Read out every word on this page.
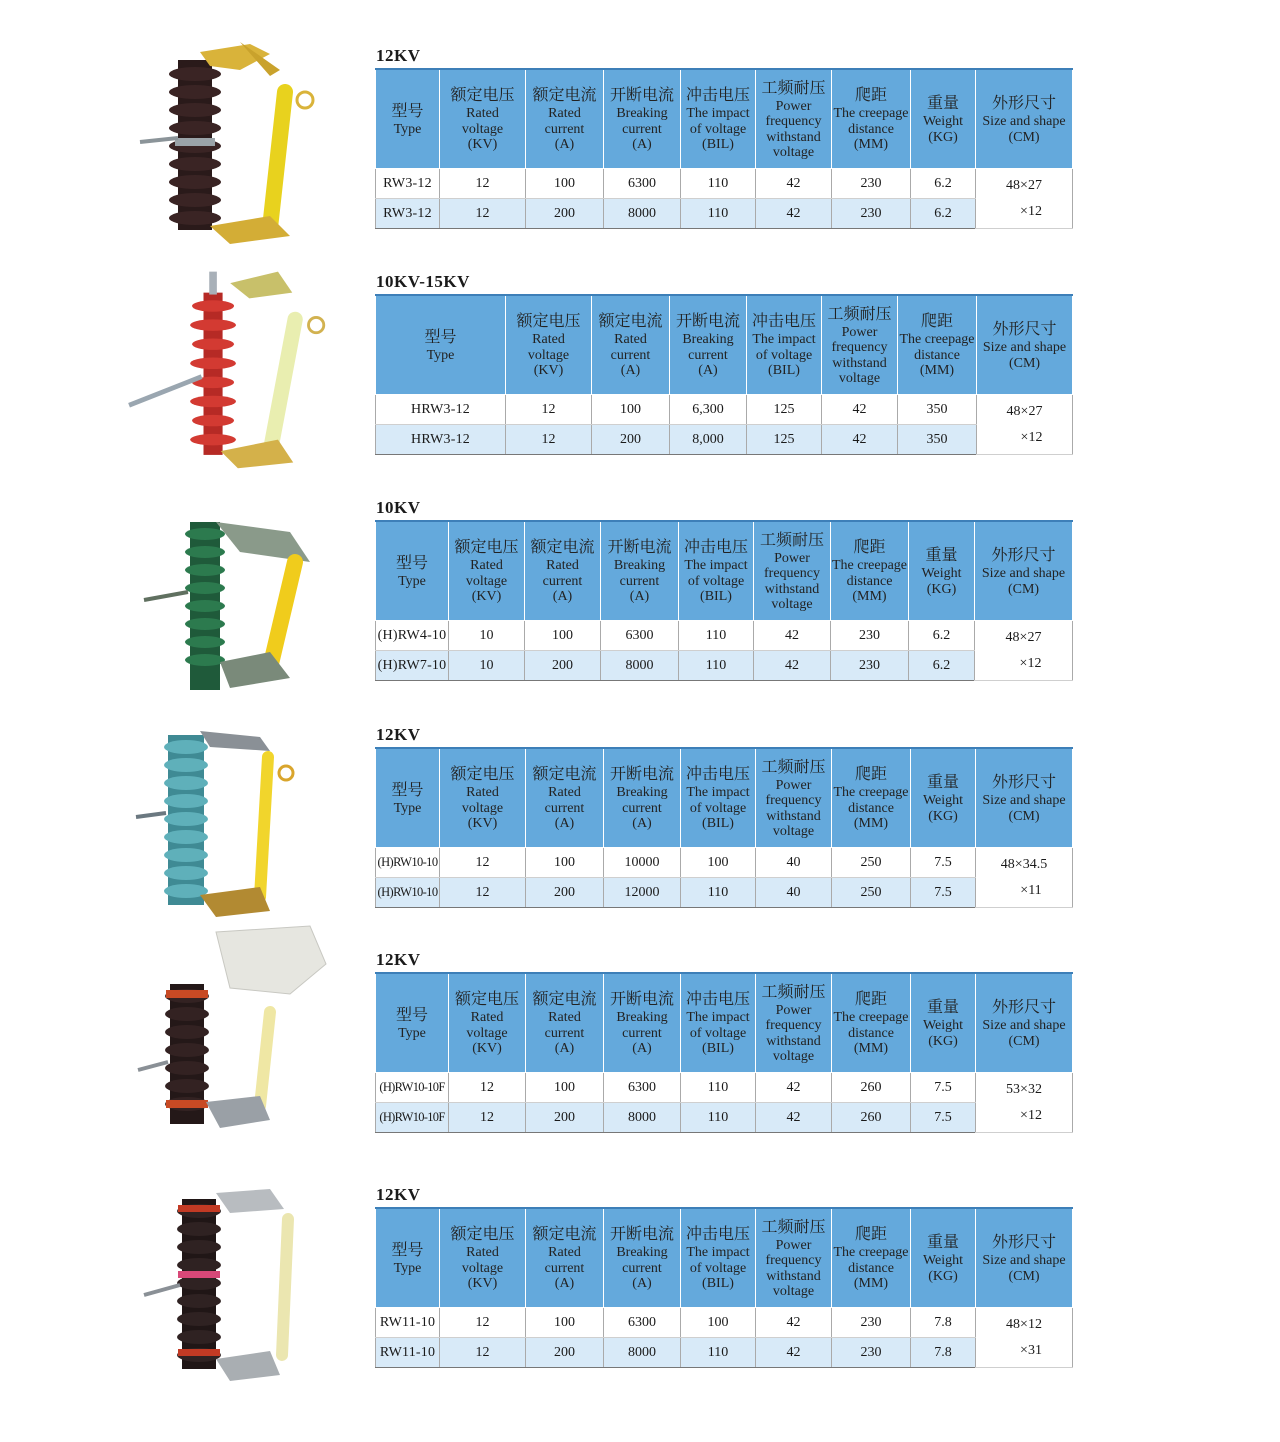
12KV
型号
Type	额定电压
Rated
voltage
(KV)	额定电流
Rated
current
(A)	开断电流
Breaking
current
(A)	冲击电压
The impact
of voltage
(BIL)	工频耐压
Power
frequency
withstand
voltage	爬距
The creepage
distance
(MM)	重量
Weight
(KG)	外形尺寸
Size and shape
(CM)

RW3-12	12	100	6300	110	42	230	6.2	48×27
×12

RW3-12	12	200	8000	110	42	230	6.2	
10KV-15KV
型号
Type	额定电压
Rated
voltage
(KV)	额定电流
Rated
current
(A)	开断电流
Breaking
current
(A)	冲击电压
The impact
of voltage
(BIL)	工频耐压
Power
frequency
withstand
voltage	爬距
The creepage
distance
(MM)	外形尺寸
Size and shape
(CM)

HRW3-12	12	100	6,300	125	42	350	48×27
×12

HRW3-12	12	200	8,000	125	42	350	
10KV
型号
Type	额定电压
Rated
voltage
(KV)	额定电流
Rated
current
(A)	开断电流
Breaking
current
(A)	冲击电压
The impact
of voltage
(BIL)	工频耐压
Power
frequency
withstand
voltage	爬距
The creepage
distance
(MM)	重量
Weight
(KG)	外形尺寸
Size and shape
(CM)

(H)RW4-10	10	100	6300	110	42	230	6.2	48×27
×12

(H)RW7-10	10	200	8000	110	42	230	6.2	
12KV
型号
Type	额定电压
Rated
voltage
(KV)	额定电流
Rated
current
(A)	开断电流
Breaking
current
(A)	冲击电压
The impact
of voltage
(BIL)	工频耐压
Power
frequency
withstand
voltage	爬距
The creepage
distance
(MM)	重量
Weight
(KG)	外形尺寸
Size and shape
(CM)

(H)RW10-10	12	100	10000	100	40	250	7.5	48×34.5
×11

(H)RW10-10	12	200	12000	110	40	250	7.5	
12KV
型号
Type	额定电压
Rated
voltage
(KV)	额定电流
Rated
current
(A)	开断电流
Breaking
current
(A)	冲击电压
The impact
of voltage
(BIL)	工频耐压
Power
frequency
withstand
voltage	爬距
The creepage
distance
(MM)	重量
Weight
(KG)	外形尺寸
Size and shape
(CM)

(H)RW10-10F	12	100	6300	110	42	260	7.5	53×32
×12

(H)RW10-10F	12	200	8000	110	42	260	7.5	
12KV
型号
Type	额定电压
Rated
voltage
(KV)	额定电流
Rated
current
(A)	开断电流
Breaking
current
(A)	冲击电压
The impact
of voltage
(BIL)	工频耐压
Power
frequency
withstand
voltage	爬距
The creepage
distance
(MM)	重量
Weight
(KG)	外形尺寸
Size and shape
(CM)

RW11-10	12	100	6300	100	42	230	7.8	48×12
×31

RW11-10	12	200	8000	110	42	230	7.8	
